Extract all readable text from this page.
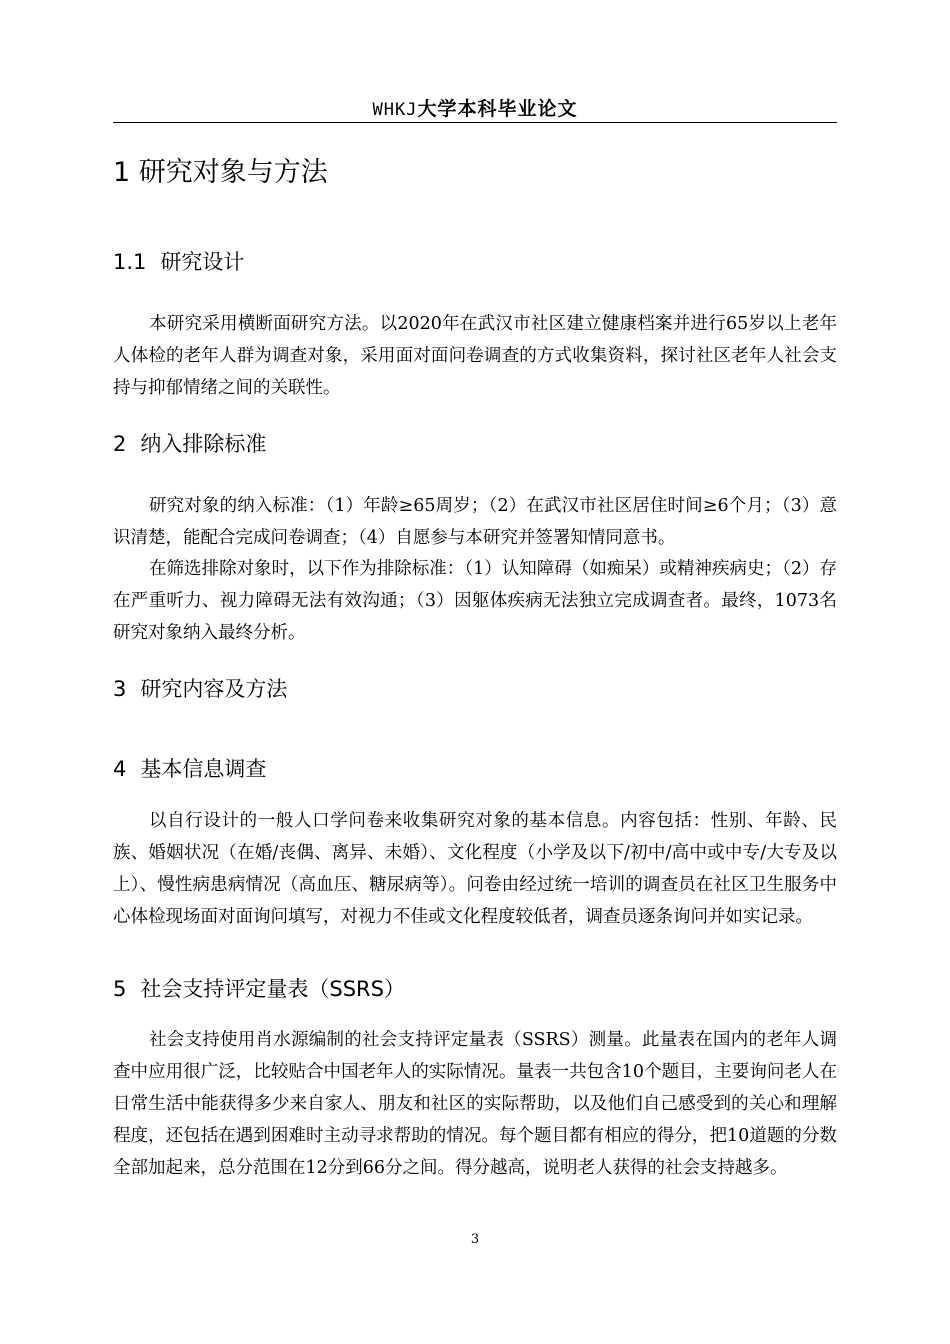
WHKJ大学本科毕业论文
1 研究对象与方法
1.1 研究设计
本研究采用横断面研究方法。以2020年在武汉市社区建立健康档案并进行65岁以上老年人体检的老年人群为调查对象，采用面对面问卷调查的方式收集资料，探讨社区老年人社会支持与抑郁情绪之间的关联性。
2 纳入排除标准
研究对象的纳入标准：（1）年龄≥65周岁；（2）在武汉市社区居住时间≥6个月；（3）意识清楚，能配合完成问卷调查；（4）自愿参与本研究并签署知情同意书。
在筛选排除对象时，以下作为排除标准：（1）认知障碍（如痴呆）或精神疾病史；（2）存在严重听力、视力障碍无法有效沟通；（3）因躯体疾病无法独立完成调查者。最终，1073名研究对象纳入最终分析。
3 研究内容及方法
4 基本信息调查
以自行设计的一般人口学问卷来收集研究对象的基本信息。内容包括：性别、年龄、民族、婚姻状况（在婚/丧偶、离异、未婚）、文化程度（小学及以下/初中/高中或中专/大专及以上）、慢性病患病情况（高血压、糖尿病等）。问卷由经过统一培训的调查员在社区卫生服务中心体检现场面对面询问填写，对视力不佳或文化程度较低者，调查员逐条询问并如实记录。
5 社会支持评定量表（SSRS）
社会支持使用肖水源编制的社会支持评定量表（SSRS）测量。此量表在国内的老年人调查中应用很广泛，比较贴合中国老年人的实际情况。量表一共包含10个题目，主要询问老人在日常生活中能获得多少来自家人、朋友和社区的实际帮助，以及他们自己感受到的关心和理解程度，还包括在遇到困难时主动寻求帮助的情况。每个题目都有相应的得分，把10道题的分数全部加起来，总分范围在12分到66分之间。得分越高，说明老人获得的社会支持越多。
3
